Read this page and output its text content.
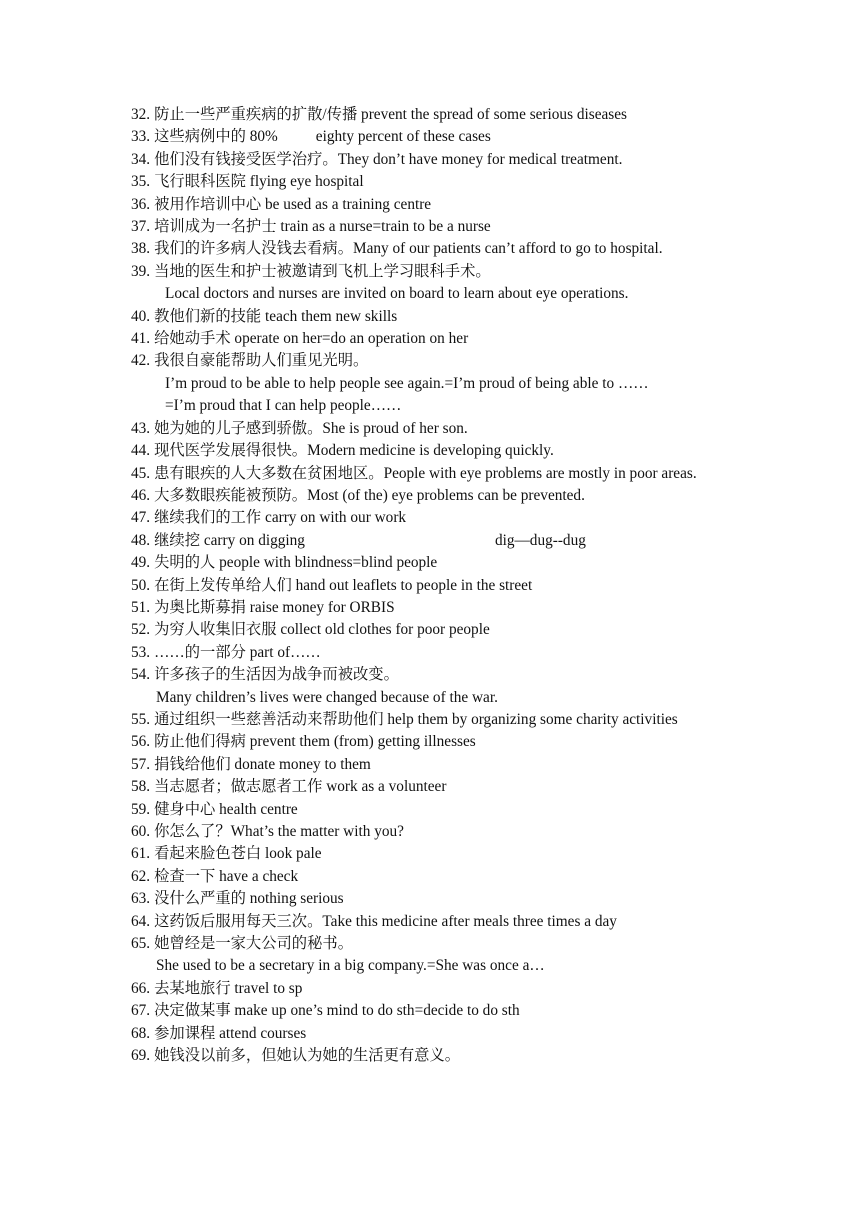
32. 防止一些严重疾病的扩散/传播 prevent the spread of some serious diseases
33. 这些病例中的 80% eighty percent of these cases
34. 他们没有钱接受医学治疗。They don’t have money for medical treatment.
35. 飞行眼科医院 flying eye hospital
36. 被用作培训中心 be used as a training centre
37. 培训成为一名护士 train as a nurse=train to be a nurse
38. 我们的许多病人没钱去看病。Many of our patients can’t afford to go to hospital.
39. 当地的医生和护士被邀请到飞机上学习眼科手术。
Local doctors and nurses are invited on board to learn about eye operations.
40. 教他们新的技能 teach them new skills
41. 给她动手术 operate on her=do an operation on her
42. 我很自豪能帮助人们重见光明。
I’m proud to be able to help people see again.=I’m proud of being able to ……
=I’m proud that I can help people……
43. 她为她的儿子感到骄傲。She is proud of her son.
44. 现代医学发展得很快。Modern medicine is developing quickly.
45. 患有眼疾的人大多数在贫困地区。People with eye problems are mostly in poor areas.
46. 大多数眼疾能被预防。Most (of the) eye problems can be prevented.
47. 继续我们的工作 carry on with our work
48. 继续挖 carry on digging	dig—dug--dug
49. 失明的人 people with blindness=blind people
50. 在街上发传单给人们 hand out leaflets to people in the street
51. 为奥比斯募捐 raise money for ORBIS
52. 为穷人收集旧衣服 collect old clothes for poor people
53. ……的一部分 part of……
54. 许多孩子的生活因为战争而被改变。
Many children’s lives were changed because of the war.
55. 通过组织一些慈善活动来帮助他们 help them by organizing some charity activities
56. 防止他们得病 prevent them (from) getting illnesses
57. 捐钱给他们 donate money to them
58. 当志愿者；做志愿者工作 work as a volunteer
59. 健身中心 health centre
60. 你怎么了？What’s the matter with you?
61. 看起来脸色苍白 look pale
62. 检查一下 have a check
63. 没什么严重的 nothing serious
64. 这药饭后服用每天三次。Take this medicine after meals three times a day
65. 她曾经是一家大公司的秘书。
She used to be a secretary in a big company.=She was once a…
66. 去某地旅行 travel to sp
67. 决定做某事 make up one’s mind to do sth=decide to do sth
68. 参加课程 attend courses
69. 她钱没以前多，但她认为她的生活更有意义。
